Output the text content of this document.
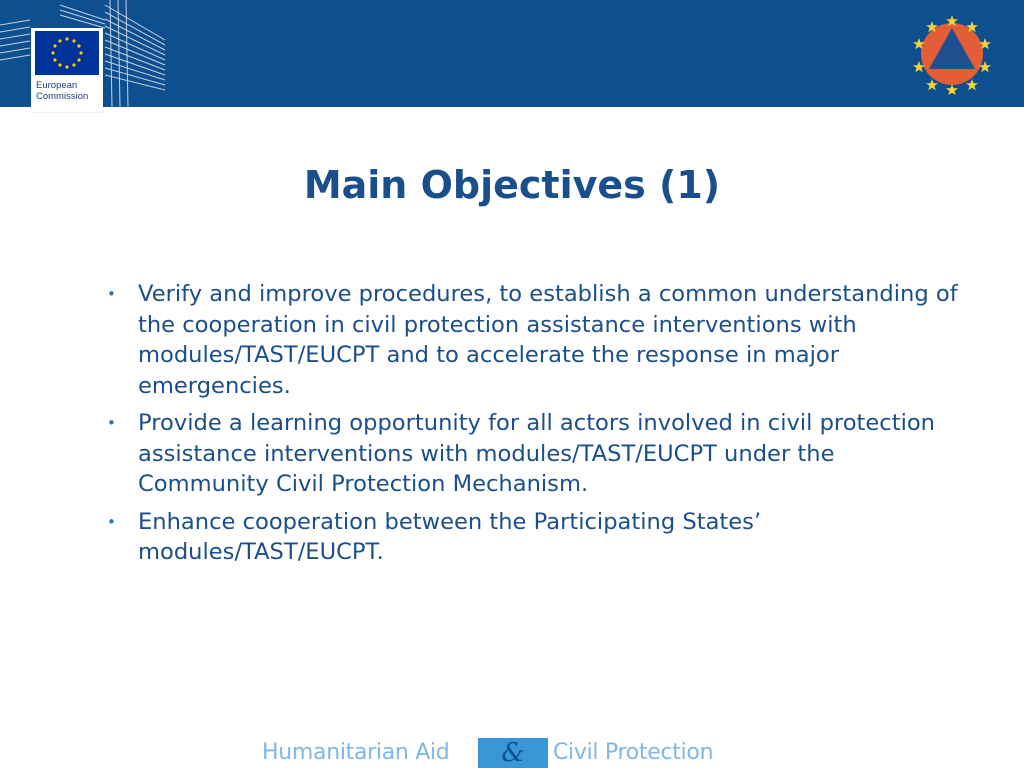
European
Commission
Main Objectives (1)
• Verify and improve procedures, to establish a common understanding of the cooperation in civil protection assistance interventions with modules/TAST/EUCPT and to accelerate the response in major emergencies.
• Provide a learning opportunity for all actors involved in civil protection assistance interventions with modules/TAST/EUCPT under the Community Civil Protection Mechanism.
• Enhance cooperation between the Participating States’ modules/TAST/EUCPT.
Humanitarian Aid	&	Civil Protection
